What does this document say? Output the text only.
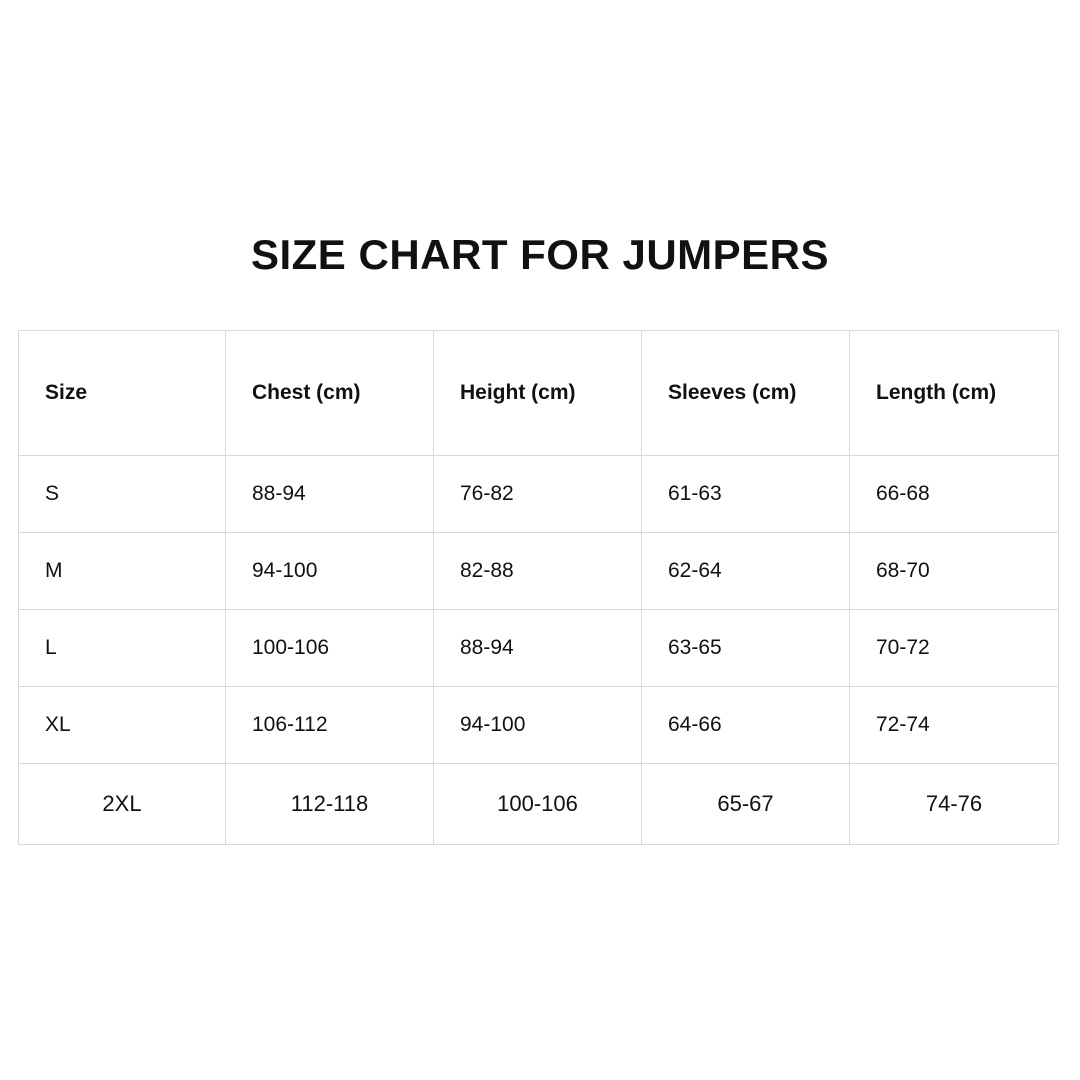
SIZE CHART FOR JUMPERS
Size	Chest (cm)	Height (cm)	Sleeves (cm)	Length (cm)
S	88-94	76-82	61-63	66-68
M	94-100	82-88	62-64	68-70
L	100-106	88-94	63-65	70-72
XL	106-112	94-100	64-66	72-74
2XL	112-118	100-106	65-67	74-76
